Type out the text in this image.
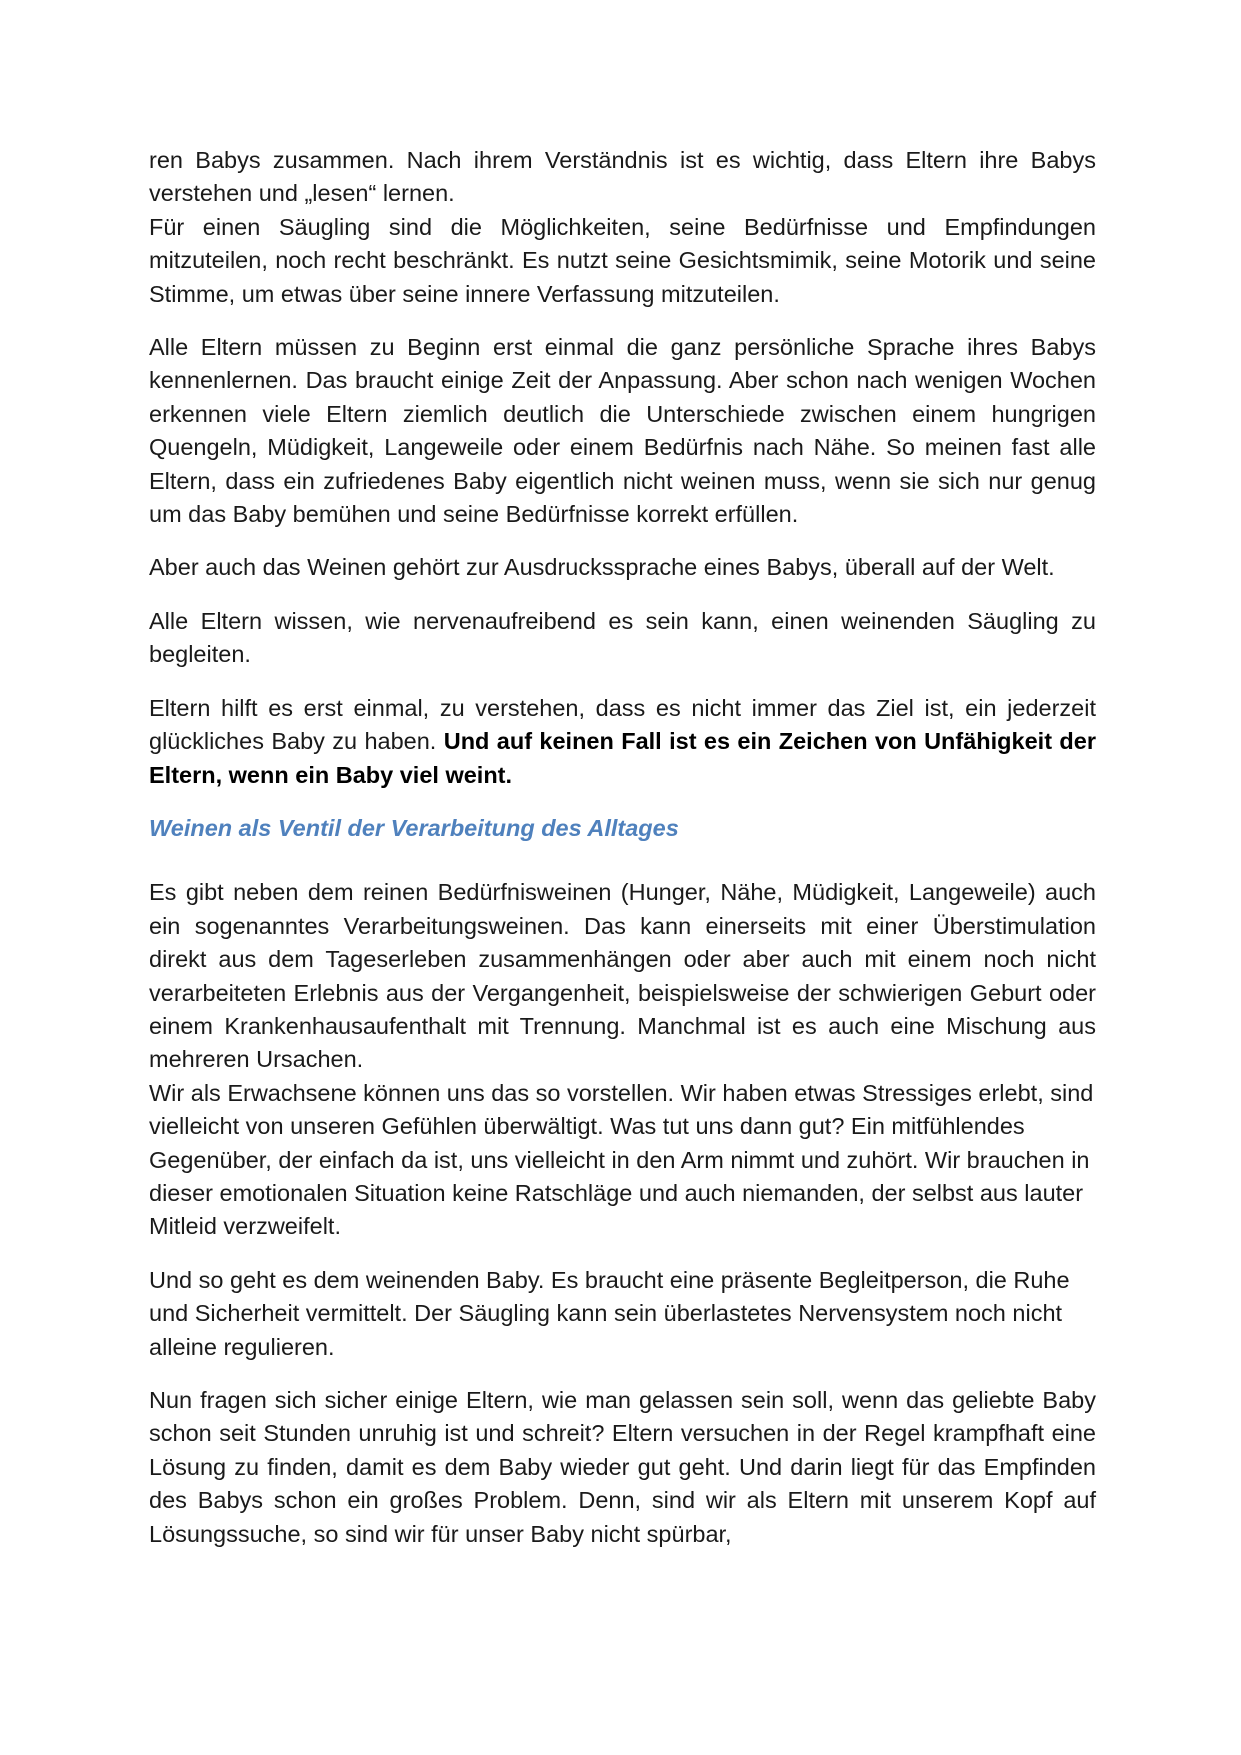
ren Babys zusammen. Nach ihrem Verständnis ist es wichtig, dass Eltern ihre Babys verstehen und „lesen“ lernen.

Für einen Säugling sind die Möglichkeiten, seine Bedürfnisse und Empfindungen mitzuteilen, noch recht beschränkt. Es nutzt seine Gesichtsmimik, seine Motorik und seine Stimme, um etwas über seine innere Verfassung mitzuteilen.

Alle Eltern müssen zu Beginn erst einmal die ganz persönliche Sprache ihres Babys kennenlernen. Das braucht einige Zeit der Anpassung. Aber schon nach wenigen Wochen erkennen viele Eltern ziemlich deutlich die Unterschiede zwischen einem hungrigen Quengeln, Müdigkeit, Langeweile oder einem Bedürfnis nach Nähe. So meinen fast alle Eltern, dass ein zufriedenes Baby eigentlich nicht weinen muss, wenn sie sich nur genug um das Baby bemühen und seine Bedürfnisse korrekt erfüllen.

Aber auch das Weinen gehört zur Ausdruckssprache eines Babys, überall auf der Welt.

Alle Eltern wissen, wie nervenaufreibend es sein kann, einen weinenden Säugling zu begleiten.

Eltern hilft es erst einmal, zu verstehen, dass es nicht immer das Ziel ist, ein jederzeit glückliches Baby zu haben. Und auf keinen Fall ist es ein Zeichen von Unfähigkeit der Eltern, wenn ein Baby viel weint.

Weinen als Ventil der Verarbeitung des Alltages

Es gibt neben dem reinen Bedürfnisweinen (Hunger, Nähe, Müdigkeit, Langeweile) auch ein sogenanntes Verarbeitungsweinen. Das kann einerseits mit einer Überstimulation direkt aus dem Tageserleben zusammenhängen oder aber auch mit einem noch nicht verarbeiteten Erlebnis aus der Vergangenheit, beispielsweise der schwierigen Geburt oder einem Krankenhausaufenthalt mit Trennung. Manchmal ist es auch eine Mischung aus mehreren Ursachen.

Wir als Erwachsene können uns das so vorstellen. Wir haben etwas Stressiges erlebt, sind vielleicht von unseren Gefühlen überwältigt. Was tut uns dann gut? Ein mitfühlendes Gegenüber, der einfach da ist, uns vielleicht in den Arm nimmt und zuhört. Wir brauchen in dieser emotionalen Situation keine Ratschläge und auch niemanden, der selbst aus lauter Mitleid verzweifelt.

Und so geht es dem weinenden Baby. Es braucht eine präsente Begleitperson, die Ruhe und Sicherheit vermittelt. Der Säugling kann sein überlastetes Nervensystem noch nicht alleine regulieren.

Nun fragen sich sicher einige Eltern, wie man gelassen sein soll, wenn das geliebte Baby schon seit Stunden unruhig ist und schreit? Eltern versuchen in der Regel krampfhaft eine Lösung zu finden, damit es dem Baby wieder gut geht. Und darin liegt für das Empfinden des Babys schon ein großes Problem. Denn, sind wir als Eltern mit unserem Kopf auf Lösungssuche, so sind wir für unser Baby nicht spürbar,
